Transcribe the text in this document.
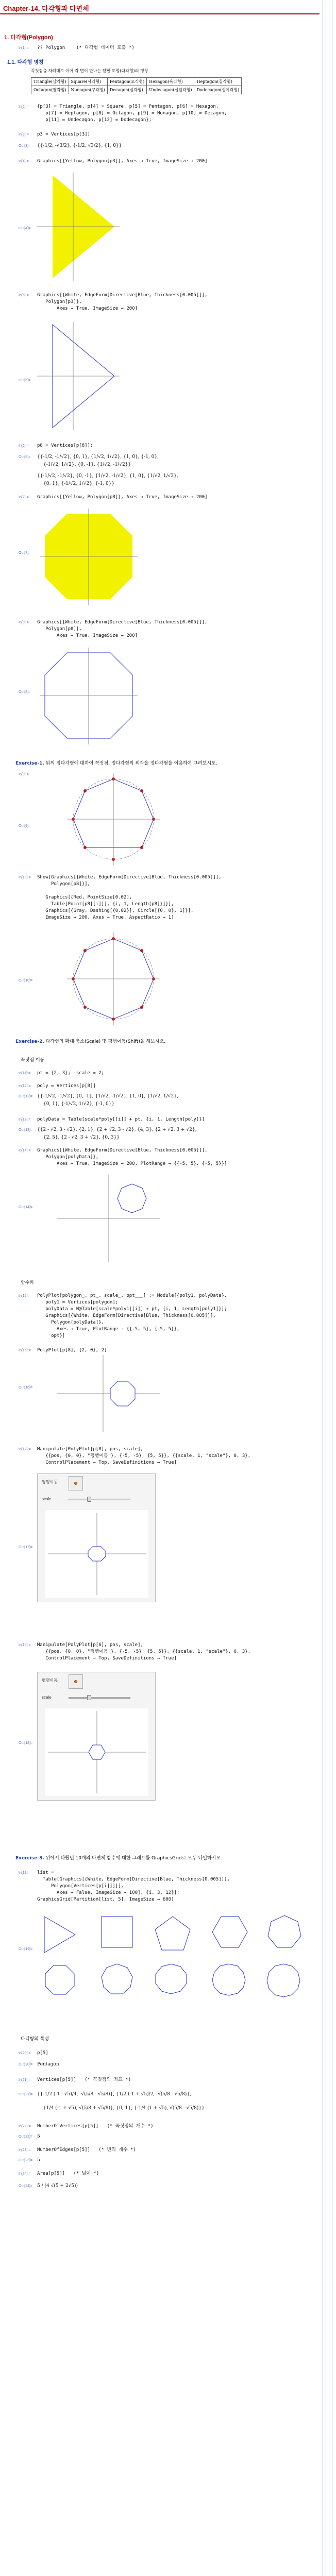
Chapter-14. 다각형과 다면체
1. 다각형(Polygon)
In[1]:= ?? Polygon    (* 다각형 데이터 호출 *)
1.1. 다각형 명칭
꼭짓점을 차례대로 이어 각 변이 만나는 닫힌 도형(다각형)의 명칭
Triangle(삼각형)	Square(사각형)	Pentagon(오각형)	Hexagon(육각형)	Heptagon(칠각형)
Octagon(팔각형)	Nonagon(구각형)	Decagon(십각형)	Undecagon(십일각형)	Dodecagon(십이각형)
In[2]:= {p[3] = Triangle, p[4] = Square, p[5] = Pentagon, p[6] = Hexagon,
p[7] = Heptagon, p[8] = Octagon, p[9] = Nonagon, p[10] = Decagon,
p[11] = Undecagon, p[12] = Dodecagon};
In[3]:= p3 = Vertices[p[3]]
Out[3]= {{-1/2, -√3/2}, {-1/2, √3/2}, {1, 0}}
In[4]:= Graphics[{Yellow, Polygon[p3]}, Axes → True, ImageSize → 200]
Out[4]=
In[5]:= Graphics[{White, EdgeForm[Directive[Blue, Thickness[0.005]]],
Polygon[p3]},
Axes → True, ImageSize → 200]
Out[5]=
In[6]:= p8 = Vertices[p[8]];
Out[6]= {{-1/2, -1/√2}, {0, 1}, {1/√2, 1/√2}, {1, 0}, {-1, 0},
{-1/√2, 1/√2}, {0, -1}, {1/√2, -1/√2}}
{{-1/√2, -1/√2}, {0, -1}, {1/√2, -1/√2}, {1, 0}, {1/√2, 1/√2},
{0, 1}, {-1/√2, 1/√2}, {-1, 0}}
In[7]:= Graphics[{Yellow, Polygon[p8]}, Axes → True, ImageSize → 200]
Out[7]=
In[8]:= Graphics[{White, EdgeForm[Directive[Blue, Thickness[0.005]]],
Polygon[p8]},
Axes → True, ImageSize → 200]
Out[8]=
Exercise-1. 위의 정다각형에 대하여 꼭짓점, 정다각형의 외각을 정다각형을 이용하여 그려보시오.
In[9]:=
Out[9]=
In[10]:= Show[Graphics[{White, EdgeForm[Directive[Blue, Thickness[0.005]]],
Polygon[p8]}],

Graphics[{Red, PointSize[0.02],
Table[Point[p8[[i]]], {i, 1, Length[p8]}]}],
Graphics[{Gray, Dashing[{0.02}], Circle[{0, 0}, 1]}],
ImageSize → 200, Axes → True, AspectRatio → 1]
Out[10]=
Exercise-2. 다각형의 확대·축소(Scale) 및 평행이동(Shift)을 해보시오.
꼭짓점 이동
In[11]:= pt = {2, 3};  scale = 2;
In[12]:= poly = Vertices[p[8]]
Out[12]= {{-1/√2, -1/√2}, {0, -1}, {1/√2, -1/√2}, {1, 0}, {1/√2, 1/√2},
{0, 1}, {-1/√2, 1/√2}, {-1, 0}}
In[13]:= polyData = Table[scale*poly[[i]] + pt, {i, 1, Length[poly]}]
Out[13]= {{2 - √2, 3 - √2}, {2, 1}, {2 + √2, 3 - √2}, {4, 3}, {2 + √2, 3 + √2},
{2, 5}, {2 - √2, 3 + √2}, {0, 3}}
In[14]:= Graphics[{White, EdgeForm[Directive[Blue, Thickness[0.005]]],
Polygon[polyData]},
Axes → True, ImageSize → 200, PlotRange → {{-5, 5}, {-5, 5}}]
Out[14]=
함수화
In[15]:= PolyPlot[polygon_, pt_, scale_, opt___] := Module[{poly1, polyData},
poly1 = Vertices[polygon];
polyData = N@Table[scale*poly1[[i]] + pt, {i, 1, Length[poly1]}];
Graphics[{White, EdgeForm[Directive[Blue, Thickness[0.005]]],
Polygon[polyData]},
Axes → True, PlotRange → {{-5, 5}, {-5, 5}},
opt}]
In[16]:= PolyPlot[p[8], {2, 0}, 2]
Out[16]=
In[17]:= Manipulate[PolyPlot[p[8], pos, scale],
{{pos, {0, 0}, "평행이동"}, {-5, -5}, {5, 5}}, {{scale, 1, "scale"}, 0, 3},
ControlPlacement → Top, SaveDefinitions → True]
Out[17]=
평행이동
scale
In[18]:= Manipulate[PolyPlot[p[6], pos, scale],
{{pos, {0, 0}, "평행이동"}, {-5, -5}, {5, 5}}, {{scale, 1, "scale"}, 0, 3},
ControlPlacement → Top, SaveDefinitions → True]
Out[18]=
평행이동
scale
Exercise-3. 위에서 다뤘던 10개의 다면체 함수에 대한 그래프를 GraphicsGrid로 모두 나열하시오.
In[19]:= list =
Table[Graphics[{White, EdgeForm[Directive[Blue, Thickness[0.005]]],
Polygon[Vertices[p[i]]]}],
Axes → False, ImageSize → 100], {i, 3, 12}];
GraphicsGrid[Partition[list, 5], ImageSize → 600]
Out[19]=
다각형의 특성
In[20]:= p[5]
Out[20]= Pentagon
In[21]:= Vertices[p[5]]   (* 꼭짓점의 좌표 *)
Out[21]= {{-1/2 (-1 - √5)/4, -√(5/8 - √5/8)}, {1/2 (-1 + √5)/2, -√(5/8 - √5/8)},
{1/4 (-1 + √5), √(5/8 + √5/8)}, {0, 1}, {-1/4 (1 + √5), √(5/8 - √5/8)}}
In[22]:= NumberOfVertices[p[5]]   (* 꼭짓점의 개수 *)
Out[22]= 5
In[23]:= NumberOfEdges[p[5]]   (* 변의 개수 *)
Out[23]= 5
In[24]:= Area[p[5]]   (* 넓이 *)
Out[24]= 5 / (4 √(5 + 2√5))
